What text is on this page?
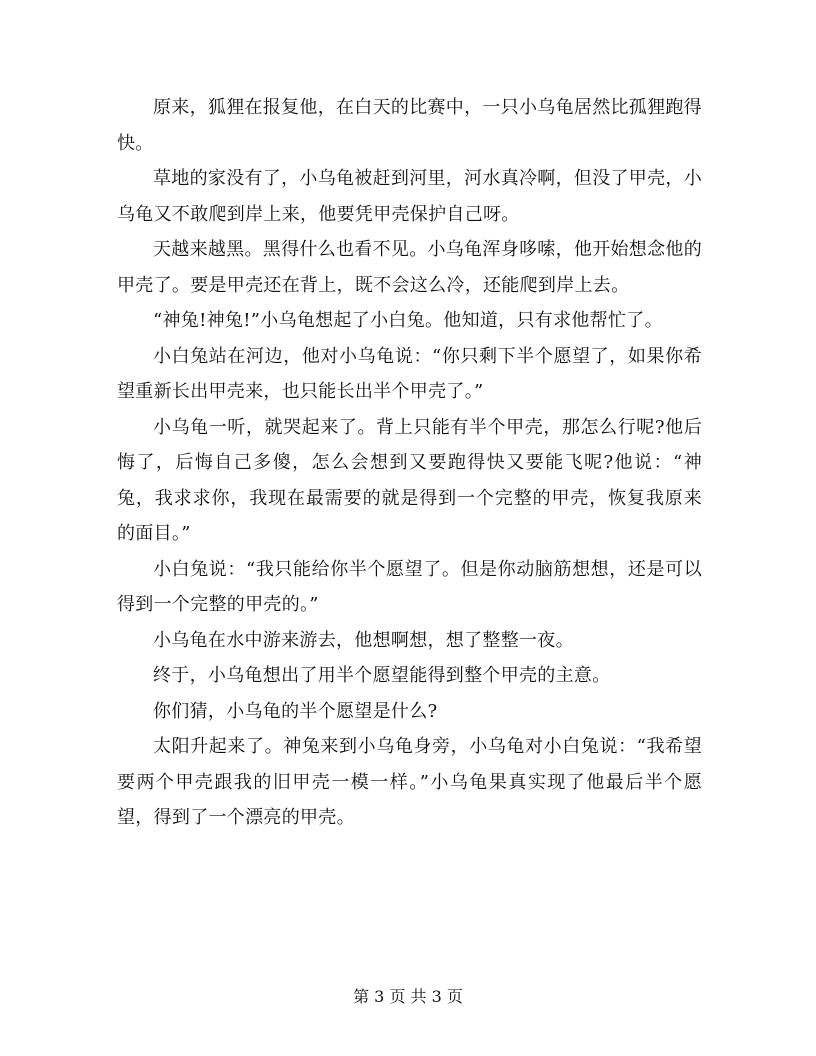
原来，狐狸在报复他，在白天的比赛中，一只小乌龟居然比孤狸跑得快。

草地的家没有了，小乌龟被赶到河里，河水真冷啊，但没了甲壳，小乌龟又不敢爬到岸上来，他要凭甲壳保护自己呀。

天越来越黑。黑得什么也看不见。小乌龟浑身哆嗦，他开始想念他的甲壳了。要是甲壳还在背上，既不会这么冷，还能爬到岸上去。

“神兔!神兔!”小乌龟想起了小白兔。他知道，只有求他帮忙了。

小白兔站在河边，他对小乌龟说：“你只剩下半个愿望了，如果你希望重新长出甲壳来，也只能长出半个甲壳了。”

小乌龟一听，就哭起来了。背上只能有半个甲壳，那怎么行呢?他后悔了，后悔自己多傻，怎么会想到又要跑得快又要能飞呢?他说：“神兔，我求求你，我现在最需要的就是得到一个完整的甲壳，恢复我原来的面目。”

小白兔说：“我只能给你半个愿望了。但是你动脑筋想想，还是可以得到一个完整的甲壳的。”

小乌龟在水中游来游去，他想啊想，想了整整一夜。

终于，小乌龟想出了用半个愿望能得到整个甲壳的主意。

你们猜，小乌龟的半个愿望是什么?

太阳升起来了。神兔来到小乌龟身旁，小乌龟对小白兔说：“我希望要两个甲壳跟我的旧甲壳一模一样。”小乌龟果真实现了他最后半个愿望，得到了一个漂亮的甲壳。

第 3 页 共 3 页
